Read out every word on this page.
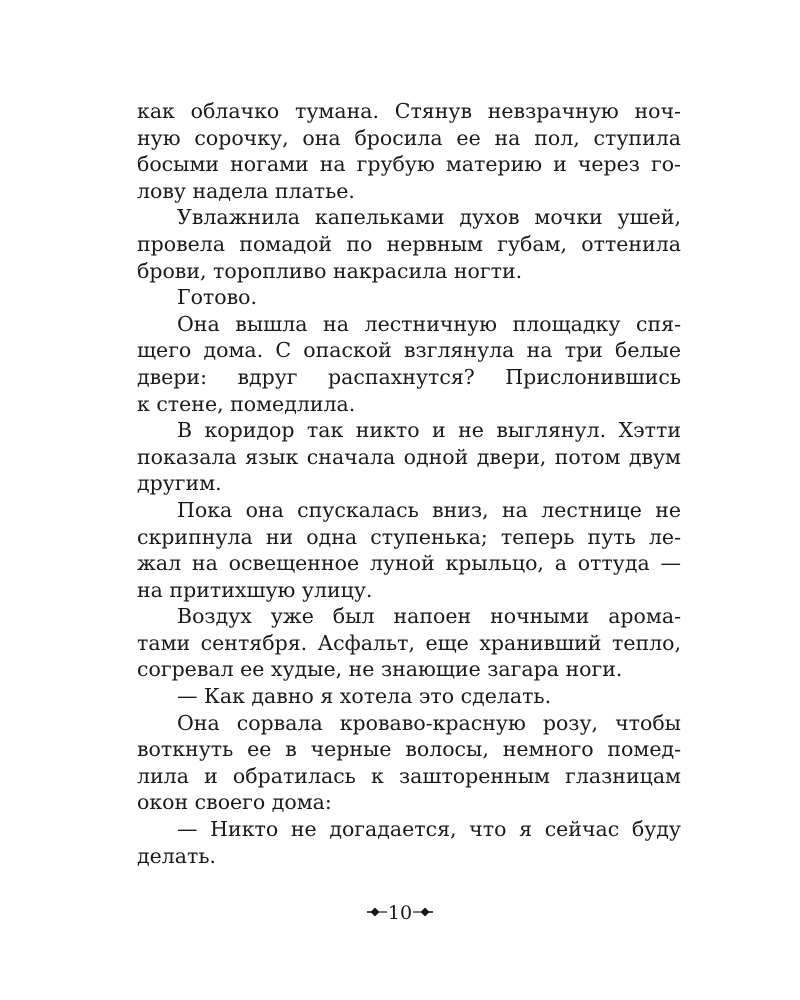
как облачко тумана. Стянув невзрачную ноч-
ную сорочку, она бросила ее на пол, ступила
босыми ногами на грубую материю и через го-
лову надела платье.
Увлажнила капельками духов мочки ушей,
провела помадой по нервным губам, оттенила
брови, торопливо накрасила ногти.
Готово.
Она вышла на лестничную площадку спя-
щего дома. С опаской взглянула на три белые
двери: вдруг распахнутся? Прислонившись
к стене, помедлила.
В коридор так никто и не выглянул. Хэтти
показала язык сначала одной двери, потом двум
другим.
Пока она спускалась вниз, на лестнице не
скрипнула ни одна ступенька; теперь путь ле-
жал на освещенное луной крыльцо, а оттуда —
на притихшую улицу.
Воздух уже был напоен ночными арома-
тами сентября. Асфальт, еще хранивший тепло,
согревал ее худые, не знающие загара ноги.
— Как давно я хотела это сделать.
Она сорвала кроваво-красную розу, чтобы
воткнуть ее в черные волосы, немного помед-
лила и обратилась к зашторенным глазницам
окон своего дома:
— Никто не догадается, что я сейчас буду
делать.
10
